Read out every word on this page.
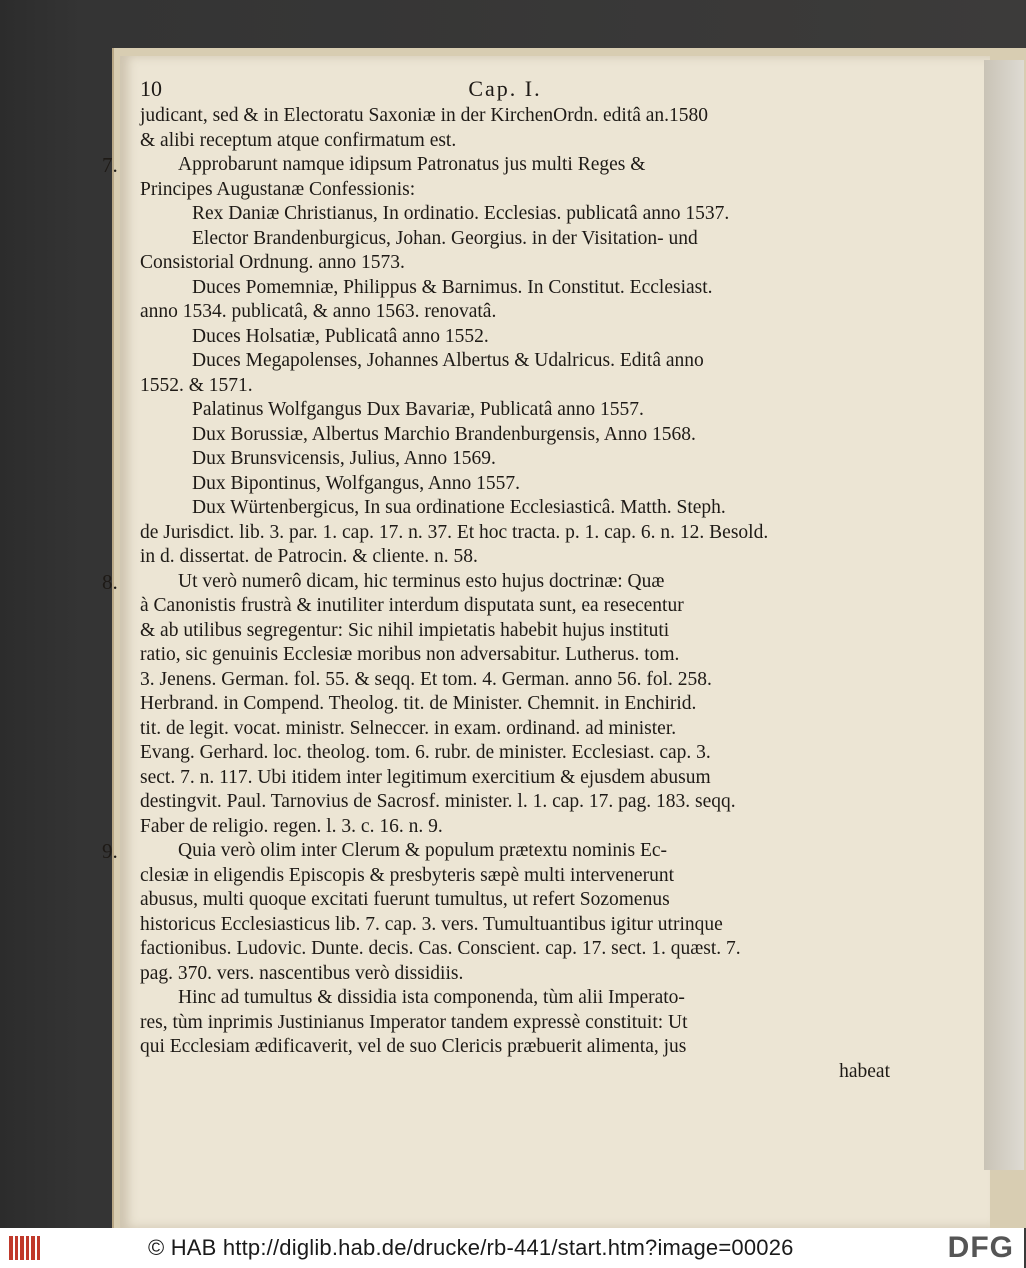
10	Cap. I.
judicant, sed & in Electoratu Saxoniæ in der KirchenOrdn. editâ an.1580
& alibi receptum atque confirmatum est.
7.	Approbarunt namque idipsum Patronatus jus multi Reges &
Principes Augustanæ Confessionis:
Rex Daniæ Christianus, In ordinatio. Ecclesias. publicatâ anno 1537.
Elector Brandenburgicus, Johan. Georgius. in der Visitation- und
Consistorial Ordnung. anno 1573.
Duces Pomemniæ, Philippus & Barnimus. In Constitut. Ecclesiast.
anno 1534. publicatâ, & anno 1563. renovatâ.
Duces Holsatiæ, Publicatâ anno 1552.
Duces Megapolenses, Johannes Albertus & Udalricus. Editâ anno
1552. & 1571.
Palatinus Wolfgangus Dux Bavariæ, Publicatâ anno 1557.
Dux Borussiæ, Albertus Marchio Brandenburgensis, Anno 1568.
Dux Brunsvicensis, Julius, Anno 1569.
Dux Bipontinus, Wolfgangus, Anno 1557.
Dux Würtenbergicus, In sua ordinatione Ecclesiasticâ. Matth. Steph.
de Jurisdict. lib. 3. par. 1. cap. 17. n. 37. Et hoc tracta. p. 1. cap. 6. n. 12. Besold.
in d. dissertat. de Patrocin. & cliente. n. 58.
8.	Ut verò numerô dicam, hic terminus esto hujus doctrinæ: Quæ
à Canonistis frustrà & inutiliter interdum disputata sunt, ea resecentur
& ab utilibus segregentur: Sic nihil impietatis habebit hujus instituti
ratio, sic genuinis Ecclesiæ moribus non adversabitur. Lutherus. tom.
3. Jenens. German. fol. 55. & seqq. Et tom. 4. German. anno 56. fol. 258.
Herbrand. in Compend. Theolog. tit. de Minister. Chemnit. in Enchirid.
tit. de legit. vocat. ministr. Selneccer. in exam. ordinand. ad minister.
Evang. Gerhard. loc. theolog. tom. 6. rubr. de minister. Ecclesiast. cap. 3.
sect. 7. n. 117. Ubi itidem inter legitimum exercitium & ejusdem abusum
destingvit. Paul. Tarnovius de Sacrosf. minister. l. 1. cap. 17. pag. 183. seqq.
Faber de religio. regen. l. 3. c. 16. n. 9.
9.	Quia verò olim inter Clerum & populum prætextu nominis Ec-
clesiæ in eligendis Episcopis & presbyteris sæpè multi intervenerunt
abusus, multi quoque excitati fuerunt tumultus, ut refert Sozomenus
historicus Ecclesiasticus lib. 7. cap. 3. vers. Tumultuantibus igitur utrinque
factionibus. Ludovic. Dunte. decis. Cas. Conscient. cap. 17. sect. 1. quæst. 7.
pag. 370. vers. nascentibus verò dissidiis.
Hinc ad tumultus & dissidia ista componenda, tùm alii Imperato-
res, tùm inprimis Justinianus Imperator tandem expressè constituit: Ut
qui Ecclesiam ædificaverit, vel de suo Clericis præbuerit alimenta, jus
habeat
© HAB http://diglib.hab.de/drucke/rb-441/start.htm?image=00026	DFG
